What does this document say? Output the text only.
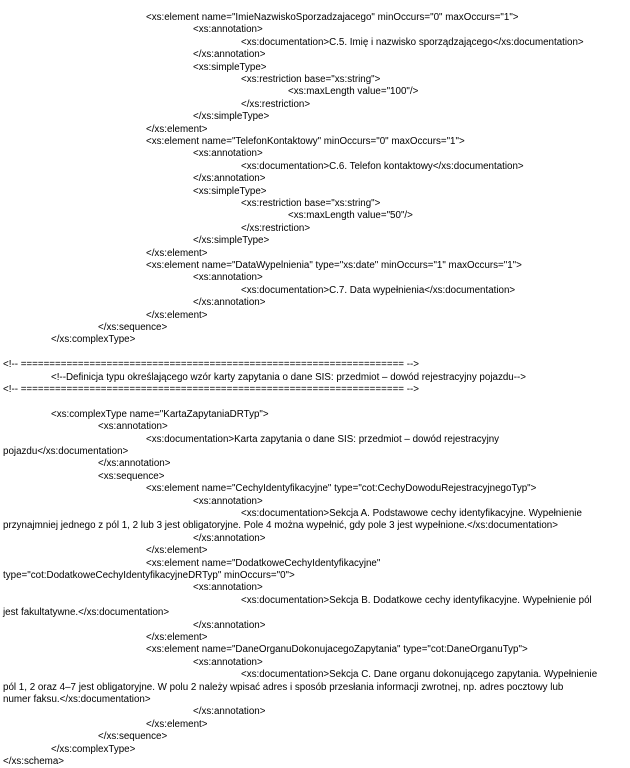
<xs:element name="ImieNazwiskoSporzadzajacego" minOccurs="0" maxOccurs="1">
<xs:annotation>
<xs:documentation>C.5. Imię i nazwisko sporządzającego</xs:documentation>
</xs:annotation>
<xs:simpleType>
<xs:restriction base="xs:string">
<xs:maxLength value="100"/>
</xs:restriction>
</xs:simpleType>
</xs:element>
<xs:element name="TelefonKontaktowy" minOccurs="0" maxOccurs="1">
<xs:annotation>
<xs:documentation>C.6. Telefon kontaktowy</xs:documentation>
</xs:annotation>
<xs:simpleType>
<xs:restriction base="xs:string">
<xs:maxLength value="50"/>
</xs:restriction>
</xs:simpleType>
</xs:element>
<xs:element name="DataWypelnienia" type="xs:date" minOccurs="1" maxOccurs="1">
<xs:annotation>
<xs:documentation>C.7. Data wypełnienia</xs:documentation>
</xs:annotation>
</xs:element>
</xs:sequence>
</xs:complexType>
<!-- =================================================================== -->
<!--Definicja typu określającego wzór karty zapytania o dane SIS: przedmiot – dowód rejestracyjny pojazdu-->
<!-- =================================================================== -->
<xs:complexType name="KartaZapytaniaDRTyp">
<xs:annotation>
<xs:documentation>Karta zapytania o dane SIS: przedmiot – dowód rejestracyjny
pojazdu</xs:documentation>
</xs:annotation>
<xs:sequence>
<xs:element name="CechyIdentyfikacyjne" type="cot:CechyDowoduRejestracyjnegoTyp">
<xs:annotation>
<xs:documentation>Sekcja A. Podstawowe cechy identyfikacyjne. Wypełnienie
przynajmniej jednego z pól 1, 2 lub 3 jest obligatoryjne. Pole 4 można wypełnić, gdy pole 3 jest wypełnione.</xs:documentation>
</xs:annotation>
</xs:element>
<xs:element name="DodatkoweCechyIdentyfikacyjne"
type="cot:DodatkoweCechyIdentyfikacyjneDRTyp" minOccurs="0">
<xs:annotation>
<xs:documentation>Sekcja B. Dodatkowe cechy identyfikacyjne. Wypełnienie pól
jest fakultatywne.</xs:documentation>
</xs:annotation>
</xs:element>
<xs:element name="DaneOrganuDokonujacegoZapytania" type="cot:DaneOrganuTyp">
<xs:annotation>
<xs:documentation>Sekcja C. Dane organu dokonującego zapytania. Wypełnienie
pól 1, 2 oraz 4–7 jest obligatoryjne. W polu 2 należy wpisać adres i sposób przesłania informacji zwrotnej, np. adres pocztowy lub
numer faksu.</xs:documentation>
</xs:annotation>
</xs:element>
</xs:sequence>
</xs:complexType>
</xs:schema>
